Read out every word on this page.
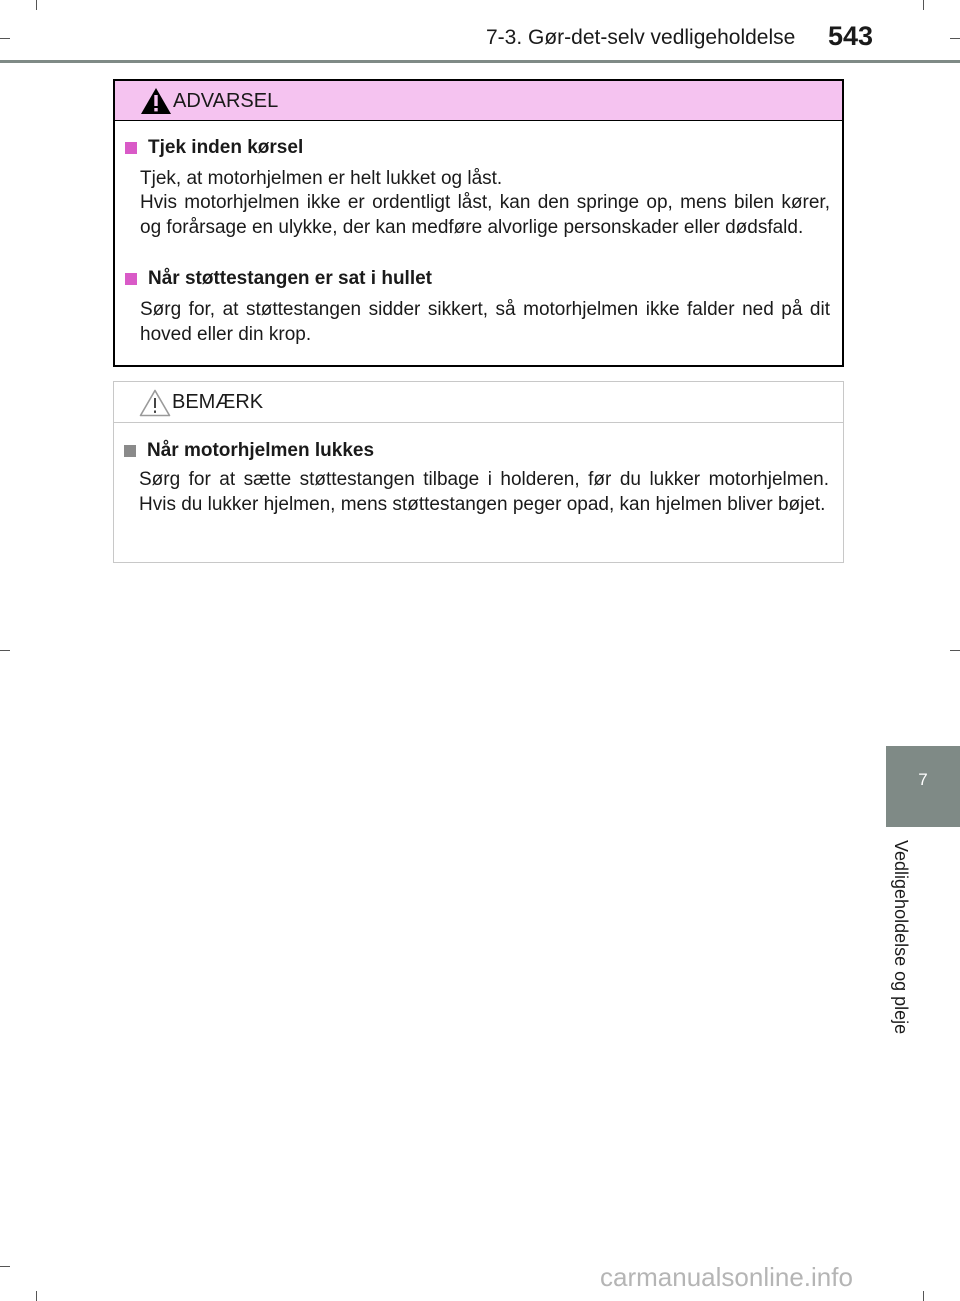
7-3. Gør-det-selv vedligeholdelse 543
ADVARSEL
Tjek inden kørsel
Tjek, at motorhjelmen er helt lukket og låst.
Hvis motorhjelmen ikke er ordentligt låst, kan den springe op, mens bilen kører, og forårsage en ulykke, der kan medføre alvorlige personskader eller dødsfald.
Når støttestangen er sat i hullet
Sørg for, at støttestangen sidder sikkert, så motorhjelmen ikke falder ned på dit hoved eller din krop.
BEMÆRK
Når motorhjelmen lukkes
Sørg for at sætte støttestangen tilbage i holderen, før du lukker motorhjelmen. Hvis du lukker hjelmen, mens støttestangen peger opad, kan hjelmen bliver bøjet.
7
Vedligeholdelse og pleje
carmanualsonline.info
